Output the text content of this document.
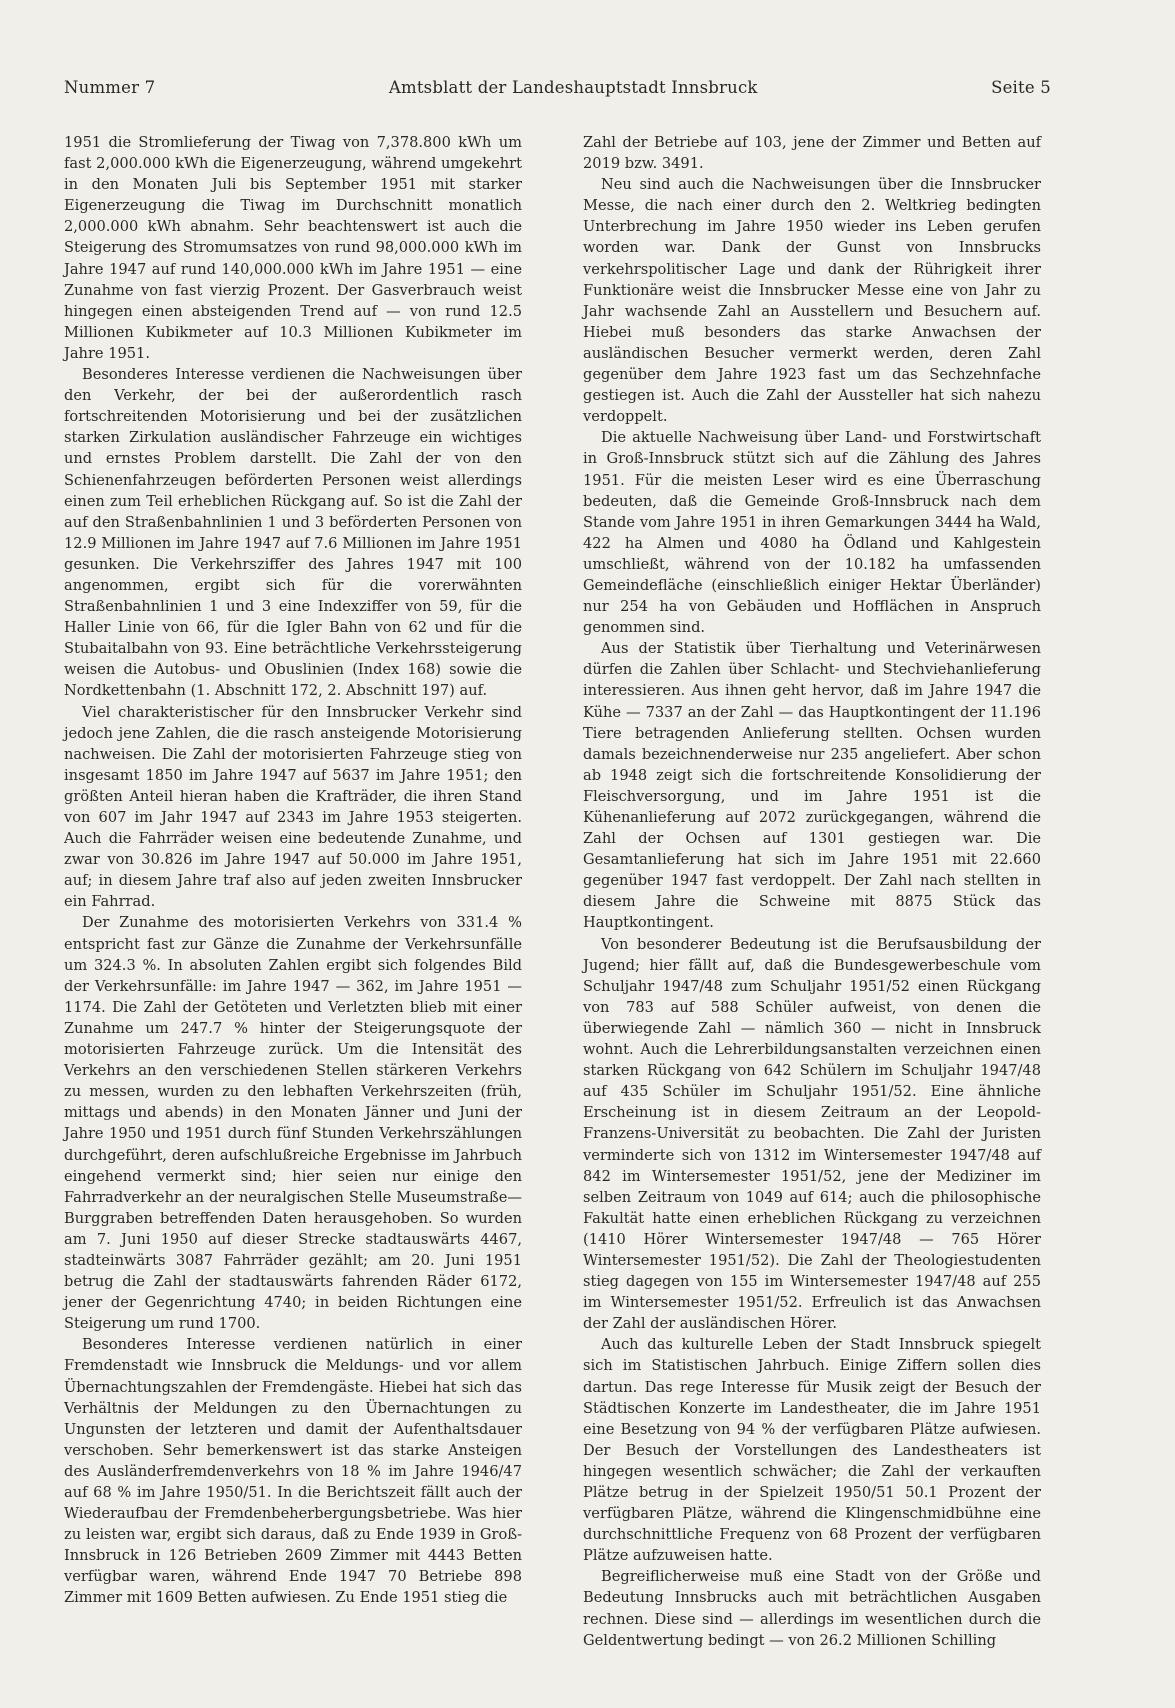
Nummer 7	Amtsblatt der Landeshauptstadt Innsbruck	Seite 5

1951 die Stromlieferung der Tiwag von 7,378.800 kWh um fast 2,000.000 kWh die Eigenerzeugung, während umgekehrt in den Monaten Juli bis September 1951 mit starker Eigenerzeugung die Tiwag im Durchschnitt monatlich 2,000.000 kWh abnahm. Sehr beachtenswert ist auch die Steigerung des Stromumsatzes von rund 98,000.000 kWh im Jahre 1947 auf rund 140,000.000 kWh im Jahre 1951 — eine Zunahme von fast vierzig Prozent. Der Gasverbrauch weist hingegen einen absteigenden Trend auf — von rund 12.5 Millionen Kubikmeter auf 10.3 Millionen Kubikmeter im Jahre 1951.

Besonderes Interesse verdienen die Nachweisungen über den Verkehr, der bei der außerordentlich rasch fortschreitenden Motorisierung und bei der zusätzlichen starken Zirkulation ausländischer Fahrzeuge ein wichtiges und ernstes Problem darstellt. Die Zahl der von den Schienenfahrzeugen beförderten Personen weist allerdings einen zum Teil erheblichen Rückgang auf. So ist die Zahl der auf den Straßenbahnlinien 1 und 3 beförderten Personen von 12.9 Millionen im Jahre 1947 auf 7.6 Millionen im Jahre 1951 gesunken. Die Verkehrsziffer des Jahres 1947 mit 100 angenommen, ergibt sich für die vorerwähnten Straßenbahnlinien 1 und 3 eine Indexziffer von 59, für die Haller Linie von 66, für die Igler Bahn von 62 und für die Stubaitalbahn von 93. Eine beträchtliche Verkehrssteigerung weisen die Autobus- und Obuslinien (Index 168) sowie die Nordkettenbahn (1. Abschnitt 172, 2. Abschnitt 197) auf.

Viel charakteristischer für den Innsbrucker Verkehr sind jedoch jene Zahlen, die die rasch ansteigende Motorisierung nachweisen. Die Zahl der motorisierten Fahrzeuge stieg von insgesamt 1850 im Jahre 1947 auf 5637 im Jahre 1951; den größten Anteil hieran haben die Krafträder, die ihren Stand von 607 im Jahr 1947 auf 2343 im Jahre 1953 steigerten. Auch die Fahrräder weisen eine bedeutende Zunahme, und zwar von 30.826 im Jahre 1947 auf 50.000 im Jahre 1951, auf; in diesem Jahre traf also auf jeden zweiten Innsbrucker ein Fahrrad.

Der Zunahme des motorisierten Verkehrs von 331.4 % entspricht fast zur Gänze die Zunahme der Verkehrsunfälle um 324.3 %. In absoluten Zahlen ergibt sich folgendes Bild der Verkehrsunfälle: im Jahre 1947 — 362, im Jahre 1951 — 1174. Die Zahl der Getöteten und Verletzten blieb mit einer Zunahme um 247.7 % hinter der Steigerungsquote der motorisierten Fahrzeuge zurück. Um die Intensität des Verkehrs an den verschiedenen Stellen stärkeren Verkehrs zu messen, wurden zu den lebhaften Verkehrszeiten (früh, mittags und abends) in den Monaten Jänner und Juni der Jahre 1950 und 1951 durch fünf Stunden Verkehrszählungen durchgeführt, deren aufschlußreiche Ergebnisse im Jahrbuch eingehend vermerkt sind; hier seien nur einige den Fahrradverkehr an der neuralgischen Stelle Museumstraße—Burggraben betreffenden Daten herausgehoben. So wurden am 7. Juni 1950 auf dieser Strecke stadtauswärts 4467, stadteinwärts 3087 Fahrräder gezählt; am 20. Juni 1951 betrug die Zahl der stadtauswärts fahrenden Räder 6172, jener der Gegenrichtung 4740; in beiden Richtungen eine Steigerung um rund 1700.

Besonderes Interesse verdienen natürlich in einer Fremdenstadt wie Innsbruck die Meldungs- und vor allem Übernachtungszahlen der Fremdengäste. Hiebei hat sich das Verhältnis der Meldungen zu den Übernachtungen zu Ungunsten der letzteren und damit der Aufenthaltsdauer verschoben. Sehr bemerkenswert ist das starke Ansteigen des Ausländerfremdenverkehrs von 18 % im Jahre 1946/47 auf 68 % im Jahre 1950/51. In die Berichtszeit fällt auch der Wiederaufbau der Fremdenbeherbergungsbetriebe. Was hier zu leisten war, ergibt sich daraus, daß zu Ende 1939 in Groß-Innsbruck in 126 Betrieben 2609 Zimmer mit 4443 Betten verfügbar waren, während Ende 1947 70 Betriebe 898 Zimmer mit 1609 Betten aufwiesen. Zu Ende 1951 stieg die

Zahl der Betriebe auf 103, jene der Zimmer und Betten auf 2019 bzw. 3491.

Neu sind auch die Nachweisungen über die Innsbrucker Messe, die nach einer durch den 2. Weltkrieg bedingten Unterbrechung im Jahre 1950 wieder ins Leben gerufen worden war. Dank der Gunst von Innsbrucks verkehrspolitischer Lage und dank der Rührigkeit ihrer Funktionäre weist die Innsbrucker Messe eine von Jahr zu Jahr wachsende Zahl an Ausstellern und Besuchern auf. Hiebei muß besonders das starke Anwachsen der ausländischen Besucher vermerkt werden, deren Zahl gegenüber dem Jahre 1923 fast um das Sechzehnfache gestiegen ist. Auch die Zahl der Aussteller hat sich nahezu verdoppelt.

Die aktuelle Nachweisung über Land- und Forstwirtschaft in Groß-Innsbruck stützt sich auf die Zählung des Jahres 1951. Für die meisten Leser wird es eine Überraschung bedeuten, daß die Gemeinde Groß-Innsbruck nach dem Stande vom Jahre 1951 in ihren Gemarkungen 3444 ha Wald, 422 ha Almen und 4080 ha Ödland und Kahlgestein umschließt, während von der 10.182 ha umfassenden Gemeindefläche (einschließlich einiger Hektar Überländer) nur 254 ha von Gebäuden und Hofflächen in Anspruch genommen sind.

Aus der Statistik über Tierhaltung und Veterinärwesen dürfen die Zahlen über Schlacht- und Stechviehanlieferung interessieren. Aus ihnen geht hervor, daß im Jahre 1947 die Kühe — 7337 an der Zahl — das Hauptkontingent der 11.196 Tiere betragenden Anlieferung stellten. Ochsen wurden damals bezeichnenderweise nur 235 angeliefert. Aber schon ab 1948 zeigt sich die fortschreitende Konsolidierung der Fleischversorgung, und im Jahre 1951 ist die Kühenanlieferung auf 2072 zurückgegangen, während die Zahl der Ochsen auf 1301 gestiegen war. Die Gesamtanlieferung hat sich im Jahre 1951 mit 22.660 gegenüber 1947 fast verdoppelt. Der Zahl nach stellten in diesem Jahre die Schweine mit 8875 Stück das Hauptkontingent.

Von besonderer Bedeutung ist die Berufsausbildung der Jugend; hier fällt auf, daß die Bundesgewerbeschule vom Schuljahr 1947/48 zum Schuljahr 1951/52 einen Rückgang von 783 auf 588 Schüler aufweist, von denen die überwiegende Zahl — nämlich 360 — nicht in Innsbruck wohnt. Auch die Lehrerbildungsanstalten verzeichnen einen starken Rückgang von 642 Schülern im Schuljahr 1947/48 auf 435 Schüler im Schuljahr 1951/52. Eine ähnliche Erscheinung ist in diesem Zeitraum an der Leopold-Franzens-Universität zu beobachten. Die Zahl der Juristen verminderte sich von 1312 im Wintersemester 1947/48 auf 842 im Wintersemester 1951/52, jene der Mediziner im selben Zeitraum von 1049 auf 614; auch die philosophische Fakultät hatte einen erheblichen Rückgang zu verzeichnen (1410 Hörer Wintersemester 1947/48 — 765 Hörer Wintersemester 1951/52). Die Zahl der Theologiestudenten stieg dagegen von 155 im Wintersemester 1947/48 auf 255 im Wintersemester 1951/52. Erfreulich ist das Anwachsen der Zahl der ausländischen Hörer.

Auch das kulturelle Leben der Stadt Innsbruck spiegelt sich im Statistischen Jahrbuch. Einige Ziffern sollen dies dartun. Das rege Interesse für Musik zeigt der Besuch der Städtischen Konzerte im Landestheater, die im Jahre 1951 eine Besetzung von 94 % der verfügbaren Plätze aufwiesen. Der Besuch der Vorstellungen des Landestheaters ist hingegen wesentlich schwächer; die Zahl der verkauften Plätze betrug in der Spielzeit 1950/51 50.1 Prozent der verfügbaren Plätze, während die Klingenschmidbühne eine durchschnittliche Frequenz von 68 Prozent der verfügbaren Plätze aufzuweisen hatte.

Begreiflicherweise muß eine Stadt von der Größe und Bedeutung Innsbrucks auch mit beträchtlichen Ausgaben rechnen. Diese sind — allerdings im wesentlichen durch die Geldentwertung bedingt — von 26.2 Millionen Schilling
